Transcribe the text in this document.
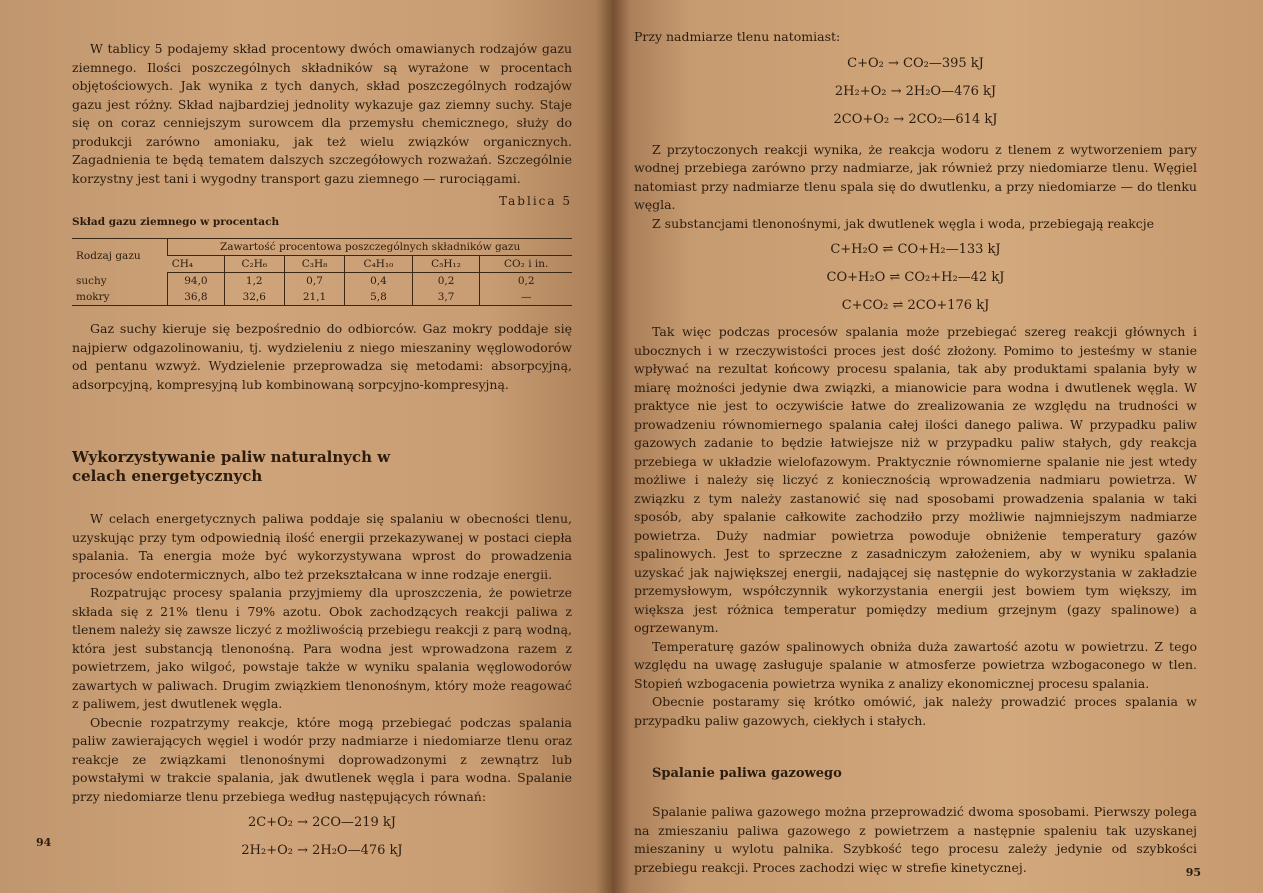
W tablicy 5 podajemy skład procentowy dwóch omawianych rodzajów gazu ziemnego. Ilości poszczególnych składników są wyrażone w procentach objętościowych. Jak wynika z tych danych, skład poszczególnych rodzajów gazu jest różny. Skład najbardziej jednolity wykazuje gaz ziemny suchy. Staje się on coraz cenniejszym surowcem dla przemysłu chemicznego, służy do produkcji zarówno amoniaku, jak też wielu związków organicznych. Zagadnienia te będą tematem dalszych szczegółowych rozważań. Szczególnie korzystny jest tani i wygodny transport gazu ziemnego — rurociągami.

Tablica 5
Skład gazu ziemnego w procentach
Rodzaj gazu	Zawartość procentowa poszczególnych składników gazu					
	CH₄	C₂H₆	C₃H₈	C₄H₁₀	C₅H₁₂	CO₂ i in.
suchy	94,0	1,2	0,7	0,4	0,2	0,2
mokry	36,8	32,6	21,1	5,8	3,7	—

Gaz suchy kieruje się bezpośrednio do odbiorców. Gaz mokry poddaje się najpierw odgazolinowaniu, tj. wydzieleniu z niego mieszaniny węglowodorów od pentanu wzwyż. Wydzielenie przeprowadza się metodami: absorpcyjną, adsorpcyjną, kompresyjną lub kombinowaną sorpcyjno-kompresyjną.

Wykorzystywanie paliw naturalnych w celach energetycznych

W celach energetycznych paliwa poddaje się spalaniu w obecności tlenu, uzyskując przy tym odpowiednią ilość energii przekazywanej w postaci ciepła spalania. Ta energia może być wykorzystywana wprost do prowadzenia procesów endotermicznych, albo też przekształcana w inne rodzaje energii.

Rozpatrując procesy spalania przyjmiemy dla uproszczenia, że powietrze składa się z 21% tlenu i 79% azotu. Obok zachodzących reakcji paliwa z tlenem należy się zawsze liczyć z możliwością przebiegu reakcji z parą wodną, która jest substancją tlenonośną. Para wodna jest wprowadzona razem z powietrzem, jako wilgoć, powstaje także w wyniku spalania węglowodorów zawartych w paliwach. Drugim związkiem tlenonośnym, który może reagować z paliwem, jest dwutlenek węgla.

Obecnie rozpatrzymy reakcje, które mogą przebiegać podczas spalania paliw zawierających węgiel i wodór przy nadmiarze i niedomiarze tlenu oraz reakcje ze związkami tlenonośnymi doprowadzonymi z zewnątrz lub powstałymi w trakcie spalania, jak dwutlenek węgla i para wodna. Spalanie przy niedomiarze tlenu przebiega według następujących równań:

2C+O₂ → 2CO—219 kJ
2H₂+O₂ → 2H₂O—476 kJ
94

Przy nadmiarze tlenu natomiast:

C+O₂ → CO₂—395 kJ
2H₂+O₂ → 2H₂O—476 kJ
2CO+O₂ → 2CO₂—614 kJ

Z przytoczonych reakcji wynika, że reakcja wodoru z tlenem z wytworzeniem pary wodnej przebiega zarówno przy nadmiarze, jak również przy niedomiarze tlenu. Węgiel natomiast przy nadmiarze tlenu spala się do dwutlenku, a przy niedomiarze — do tlenku węgla.

Z substancjami tlenonośnymi, jak dwutlenek węgla i woda, przebiegają reakcje

C+H₂O ⇌ CO+H₂—133 kJ
CO+H₂O ⇌ CO₂+H₂—42 kJ
C+CO₂ ⇌ 2CO+176 kJ

Tak więc podczas procesów spalania może przebiegać szereg reakcji głównych i ubocznych i w rzeczywistości proces jest dość złożony. Pomimo to jesteśmy w stanie wpływać na rezultat końcowy procesu spalania, tak aby produktami spalania były w miarę możności jedynie dwa związki, a mianowicie para wodna i dwutlenek węgla. W praktyce nie jest to oczywiście łatwe do zrealizowania ze względu na trudności w prowadzeniu równomiernego spalania całej ilości danego paliwa. W przypadku paliw gazowych zadanie to będzie łatwiejsze niż w przypadku paliw stałych, gdy reakcja przebiega w układzie wielofazowym. Praktycznie równomierne spalanie nie jest wtedy możliwe i należy się liczyć z koniecznością wprowadzenia nadmiaru powietrza. W związku z tym należy zastanowić się nad sposobami prowadzenia spalania w taki sposób, aby spalanie całkowite zachodziło przy możliwie najmniejszym nadmiarze powietrza. Duży nadmiar powietrza powoduje obniżenie temperatury gazów spalinowych. Jest to sprzeczne z zasadniczym założeniem, aby w wyniku spalania uzyskać jak największej energii, nadającej się następnie do wykorzystania w zakładzie przemysłowym, współczynnik wykorzystania energii jest bowiem tym większy, im większa jest różnica temperatur pomiędzy medium grzejnym (gazy spalinowe) a ogrzewanym.

Temperaturę gazów spalinowych obniża duża zawartość azotu w powietrzu. Z tego względu na uwagę zasługuje spalanie w atmosferze powietrza wzbogaconego w tlen. Stopień wzbogacenia powietrza wynika z analizy ekonomicznej procesu spalania.

Obecnie postaramy się krótko omówić, jak należy prowadzić proces spalania w przypadku paliw gazowych, ciekłych i stałych.

Spalanie paliwa gazowego

Spalanie paliwa gazowego można przeprowadzić dwoma sposobami. Pierwszy polega na zmieszaniu paliwa gazowego z powietrzem a następnie spaleniu tak uzyskanej mieszaniny u wylotu palnika. Szybkość tego procesu zależy jedynie od szybkości przebiegu reakcji. Proces zachodzi więc w strefie kinetycznej.	95
